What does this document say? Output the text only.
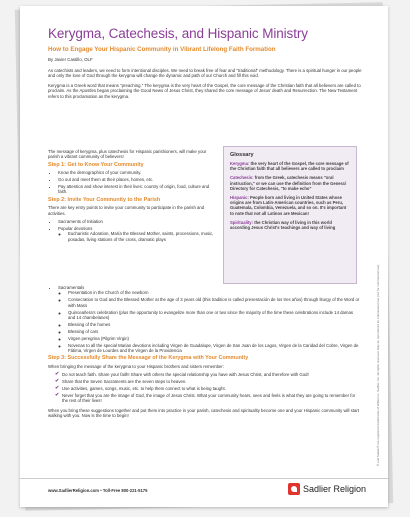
Kerygma, Catechesis, and Hispanic Ministry
How to Engage Your Hispanic Community in Vibrant Lifelong Faith Formation
By Javier Castillo, OLF

As catechists and leaders, we need to form intentional disciples. We need to break free of fear and "traditional" methodology. There is a spiritual hunger in our people and only the love of God through the kerygma will change the dynamic and path of our Church and fill this void.

Kerygma is a Greek word that means "preaching." The kerygma is the very heart of the Gospel, the core message of the Christian faith that all believers are called to proclaim. As the Apostles began proclaiming the Good News of Jesus Christ, they shared the core message of Jesus' death and Resurrection. The New Testament refers to this proclamation as the kerygma.

The message of kerygma, plus catechesis for Hispanic parishioners, will make your parish a vibrant community of believers!

Step 1: Get to Know Your Community
• Know the demographics of your community.
• Go out and meet them at their places, homes, etc.
• Pay attention and show interest in their lives: country of origin, food, culture and faith.
Step 2: Invite Your Community to the Parish

There are key entry points to invite your community to participate in the parish and activities.

• Sacraments of Initiation
• Popular devotions
◦ Eucharistic Adoration, María the Blessed Mother, saints, processions, music, posadas, living stations of the cross, dramatic plays
Glossary
Kerygma: the very heart of the Gospel, the core message of the Christian faith that all believers are called to proclaim
Catechesis: from the Greek, catechesis means "oral instruction," or we can use the definition from the General Directory for Catechesis, "to make echo"
Hispanic: People born and living in United States whose origins are from Latin-American countries, such as Peru, Guatemala, Colombia, Venezuela, and so on. It's important to note that not all Latinos are Mexican!
Spirituality: the Christian way of living in this world according Jesus Christ's teachings and way of living
• Sacramentals
◦ Presentation in the Church of the newborn
◦ Consecration to God and the Blessed Mother at the age of 3 years old (this tradition is called presentación de los tres años) through liturgy of the Word or with Mass
◦ Quinceañera's celebration (plus the opportunity to evangelize more than one or two since the majority of the time these celebrations include 14 damas and 14 chambelanes)
◦ Blessing of the homes
◦ Blessing of cars
◦ Virgen peregrina (Pilgrim Virgin)
◦ Novenas to all the special Marian devotions including Virgen de Guadalupe, Virgen de San Juan de los Lagos, Virgen de la Caridad del Cobre, Virgen de Fátima, Virgen de Lourdes and the Virgen de la Providencia
Step 3: Successfully Share the Message of the Kerygma with Your Community

When bringing the message of the kerygma to your Hispanic brothers and sisters remember:

✔ Do not teach faith. Share your faith! Share with others the special relationship you have with Jesus Christ, and therefore with God!
✔ Share that the Seven Sacraments are the seven steps to heaven.
✔ Use activities, games, songs, music, etc. to help them connect to what is being taught.
✔ Never forget that you are the image of God, the image of Jesus Christ. What your community hears, sees and feels is what they are going to remember for the rest of their lives!

When you bring these suggestions together and put them into practice in your parish, catechesis and spirituality become one and your Hispanic community will start walking with you. Now is the time to begin!

www.SadlierReligion.com • Toll-Free 800-221-5175	Sadlier Religion
® and Sadlier® are registered trademarks of William H. Sadlier, Inc. All rights reserved. May be reproduced for educational use (not for commercial use).
